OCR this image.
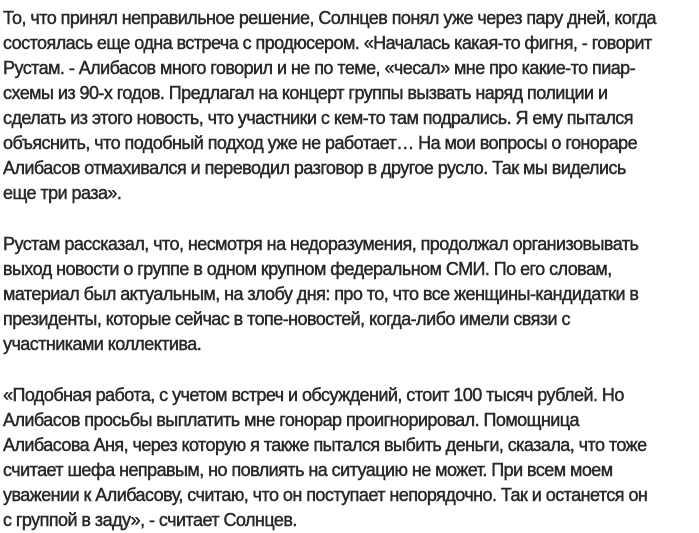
То, что принял неправильное решение, Солнцев понял уже через пару дней, когда
состоялась еще одна встреча с продюсером. «Началась какая-то фигня, - говорит
Рустам. - Алибасов много говорил и не по теме, «чесал» мне про какие-то пиар-
схемы из 90-х годов. Предлагал на концерт группы вызвать наряд полиции и
сделать из этого новость, что участники с кем-то там подрались. Я ему пытался
объяснить, что подобный подход уже не работает… На мои вопросы о гонораре
Алибасов отмахивался и переводил разговор в другое русло. Так мы виделись
еще три раза».
Рустам рассказал, что, несмотря на недоразумения, продолжал организовывать
выход новости о группе в одном крупном федеральном СМИ. По его словам,
материал был актуальным, на злобу дня: про то, что все женщины-кандидатки в
президенты, которые сейчас в топе-новостей, когда-либо имели связи с
участниками коллектива.
«Подобная работа, с учетом встреч и обсуждений, стоит 100 тысяч рублей. Но
Алибасов просьбы выплатить мне гонорар проигнорировал. Помощница
Алибасова Аня, через которую я также пытался выбить деньги, сказала, что тоже
считает шефа неправым, но повлиять на ситуацию не может. При всем моем
уважении к Алибасову, считаю, что он поступает непорядочно. Так и останется он
с группой в заду», - считает Солнцев.
